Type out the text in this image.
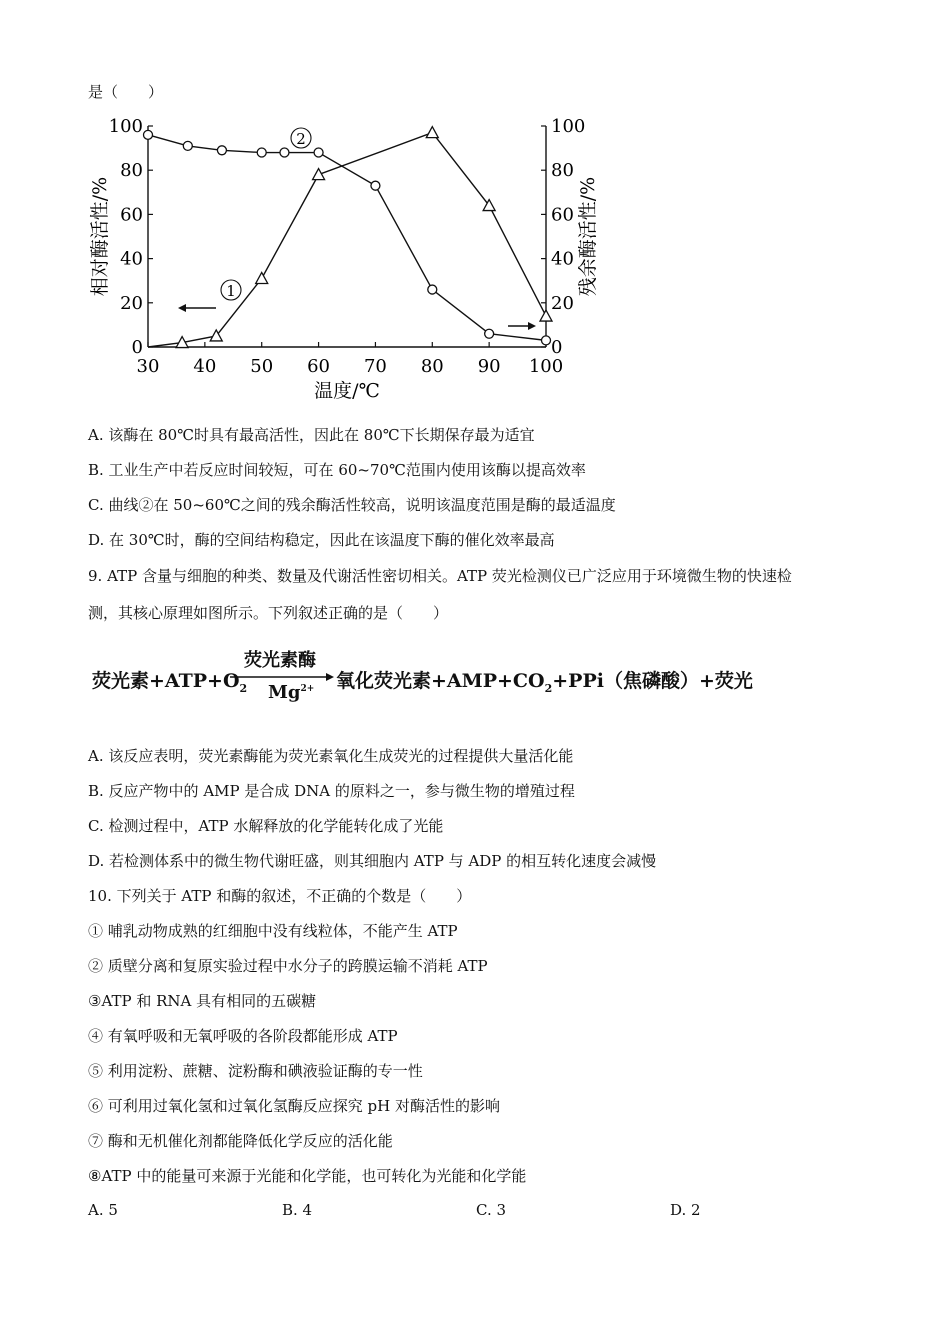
是（　　）
30 40 50 60 70 80 90 100
0	0
20	20
40	40
60	60
80	80
100	100
温度/℃
相对酶活性/%	残余酶活性/%
1
2
A. 该酶在 80℃时具有最高活性，因此在 80℃下长期保存最为适宜
B. 工业生产中若反应时间较短，可在 60~70℃范围内使用该酶以提高效率
C. 曲线②在 50~60℃之间的残余酶活性较高，说明该温度范围是酶的最适温度
D. 在 30℃时，酶的空间结构稳定，因此在该温度下酶的催化效率最高
9. ATP 含量与细胞的种类、数量及代谢活性密切相关。ATP 荧光检测仪已广泛应用于环境微生物的快速检
测，其核心原理如图所示。下列叙述正确的是（　　）
荧光素$+ATP+O_2$
荧光素酶
$Mg^{2+}$ 氧化荧光素$+AMP+CO_2+PPi$（焦磷酸）+荧光
A. 该反应表明，荧光素酶能为荧光素氧化生成荧光的过程提供大量活化能
B. 反应产物中的 AMP 是合成 DNA 的原料之一，参与微生物的增殖过程
C. 检测过程中，ATP 水解释放的化学能转化成了光能
D. 若检测体系中的微生物代谢旺盛，则其细胞内 ATP 与 ADP 的相互转化速度会减慢
10. 下列关于 ATP 和酶的叙述，不正确的个数是（　　）
① 哺乳动物成熟的红细胞中没有线粒体，不能产生 ATP
② 质壁分离和复原实验过程中水分子的跨膜运输不消耗 ATP
③ATP 和 RNA 具有相同的五碳糖
④ 有氧呼吸和无氧呼吸的各阶段都能形成 ATP
⑤ 利用淀粉、蔗糖、淀粉酶和碘液验证酶的专一性
⑥ 可利用过氧化氢和过氧化氢酶反应探究 pH 对酶活性的影响
⑦ 酶和无机催化剂都能降低化学反应的活化能
⑧ATP 中的能量可来源于光能和化学能，也可转化为光能和化学能
A. 5	B. 4	C. 3	D. 2
